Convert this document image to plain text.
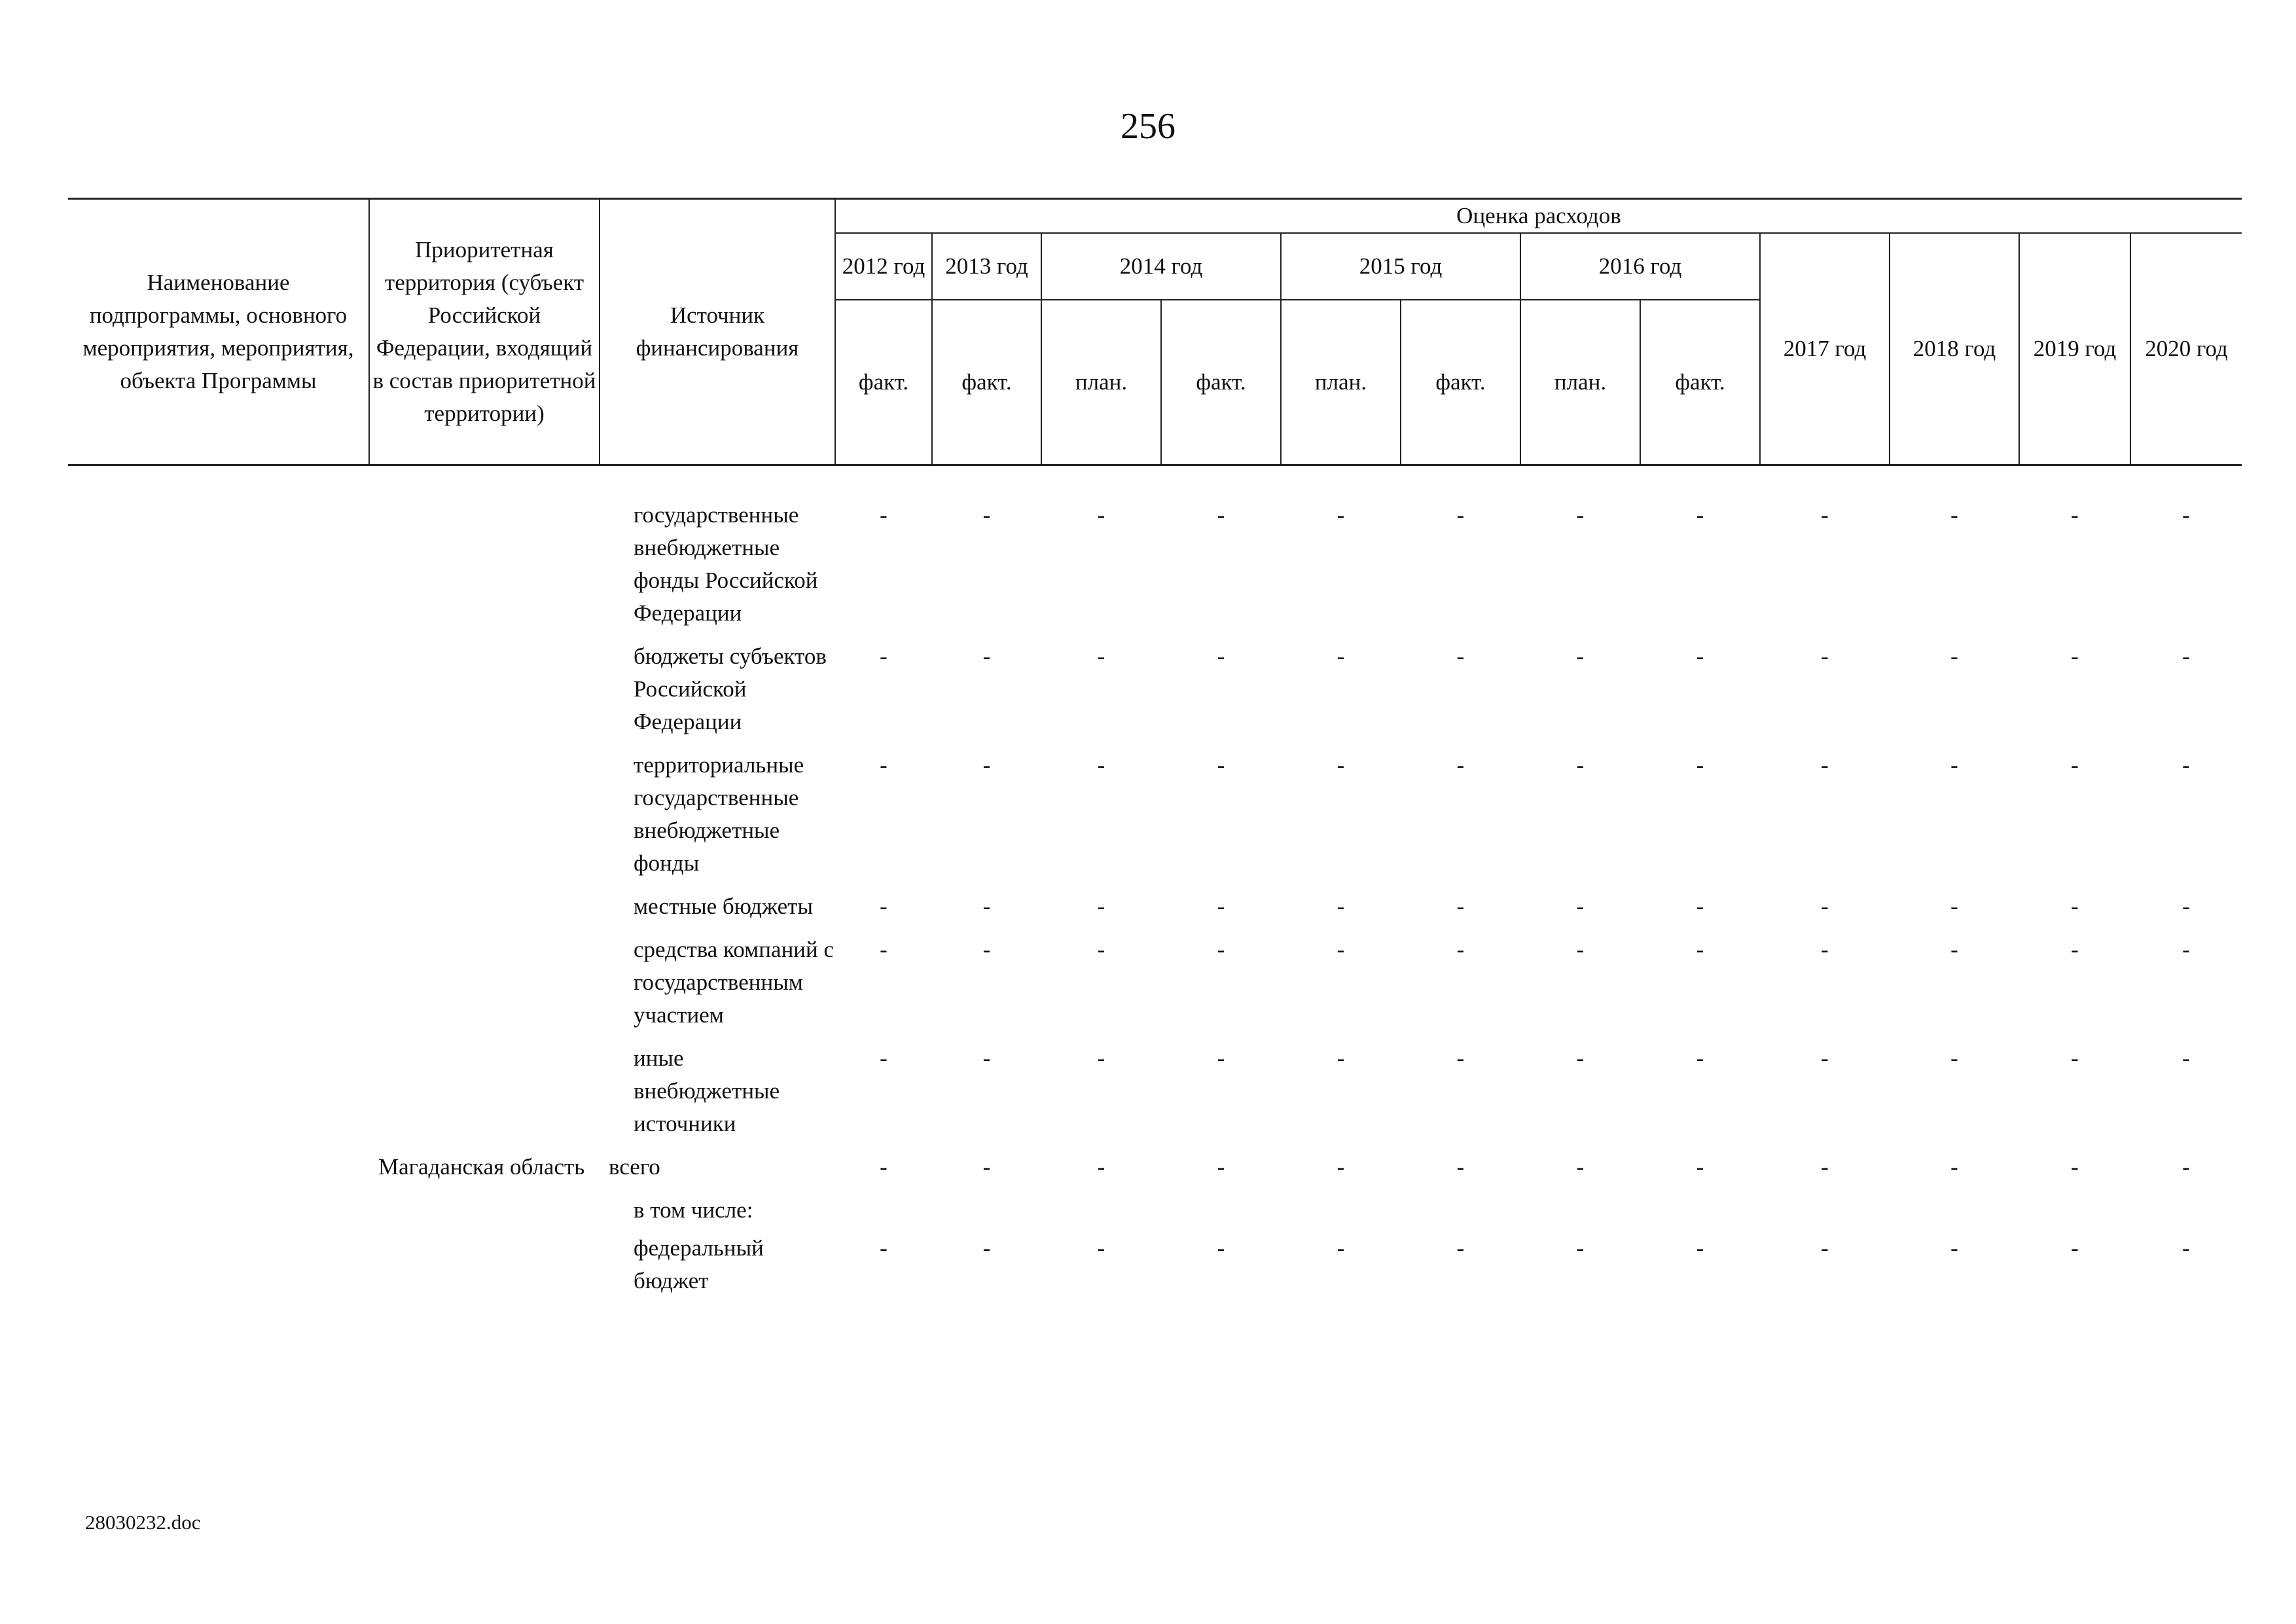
256
Наименование подпрограммы, основного мероприятия, мероприятия, объекта Программы	Приоритетная территория (субъект Российской Федерации, входящий в состав приоритетной территории)	Источник финансирования	Оценка расходов											
			2012 год	2013 год	2014 год		2015 год		2016 год		2017 год	2018 год	2019 год	2020 год
			факт.	факт.	план.	факт.	план.	факт.	план.	факт.				

		государственные внебюджетные фонды Российской Федерации	-	-	-	-	-	-	-	-	-	-	-	-
		бюджеты субъектов Российской Федерации	-	-	-	-	-	-	-	-	-	-	-	-
		территориальные государственные внебюджетные фонды	-	-	-	-	-	-	-	-	-	-	-	-
		местные бюджеты	-	-	-	-	-	-	-	-	-	-	-	-
		средства компаний с государственным участием	-	-	-	-	-	-	-	-	-	-	-	-
		иные внебюджетные источники	-	-	-	-	-	-	-	-	-	-	-	-
	Магаданская область	всего	-	-	-	-	-	-	-	-	-	-	-	-
		в том числе:												
		федеральный бюджет	-	-	-	-	-	-	-	-	-	-	-	-
28030232.doc
